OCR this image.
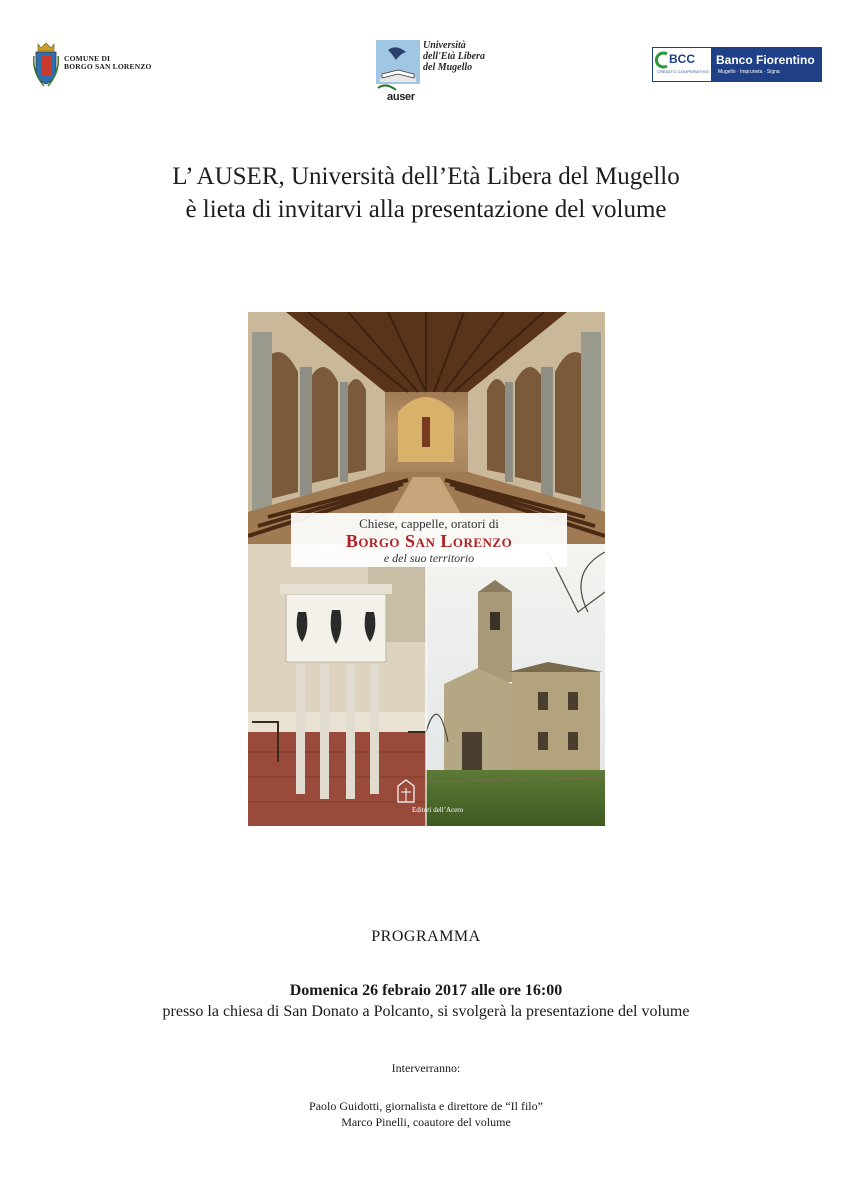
COMUNE DI
BORGO SAN LORENZO
Università
dell'Età Libera
del Mugello
auser
BCC
CREDITO COOPERATIVO
Banco Fiorentino
Mugello · Impruneta · Signa
L’ AUSER, Università dell’Età Libera del Mugello
è lieta di invitarvi alla presentazione del volume
Chiese, cappelle, oratori di
Borgo San Lorenzo
e del suo territorio
Editori dell’Acero
PROGRAMMA
Domenica 26 febraio 2017 alle ore 16:00
presso la chiesa di San Donato a Polcanto, si svolgerà la presentazione del volume
Interverranno:
Paolo Guidotti, giornalista e direttore de “Il filo”
Marco Pinelli, coautore del volume
